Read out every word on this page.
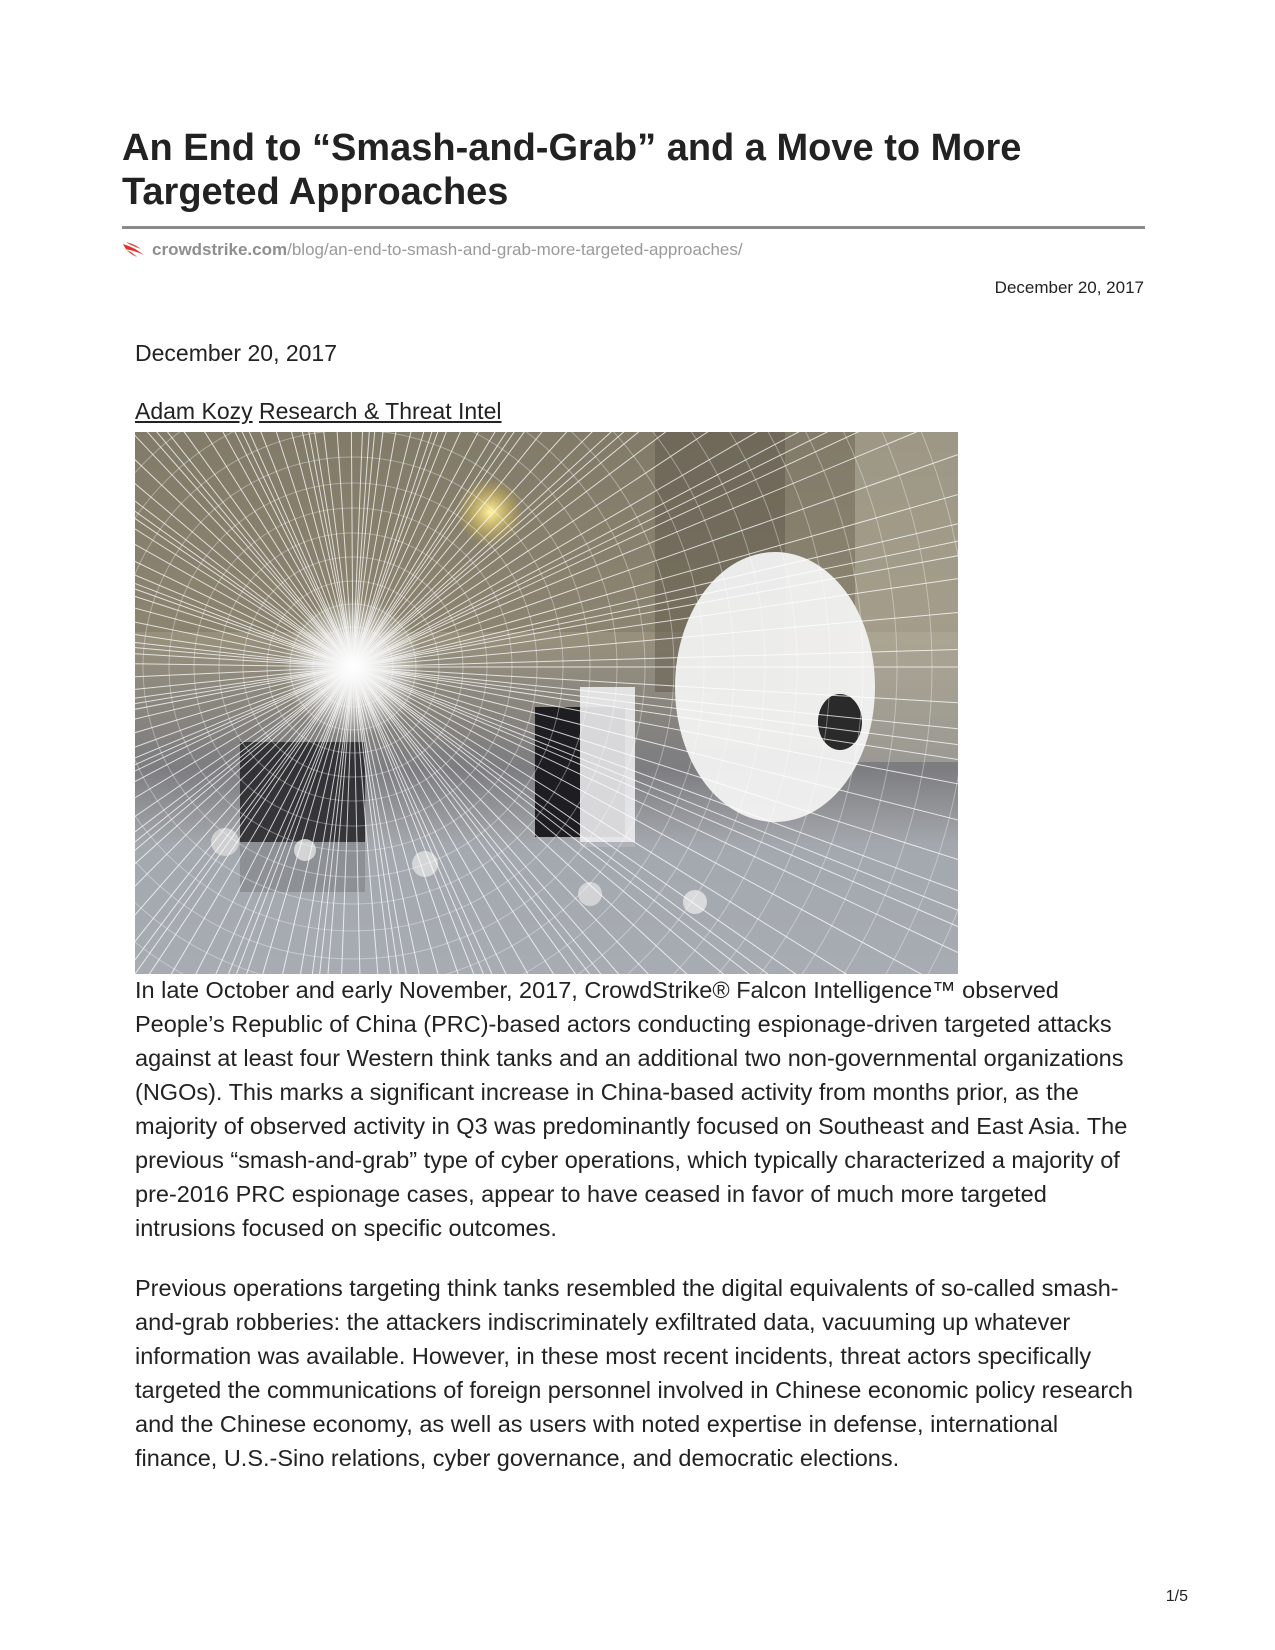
An End to “Smash-and-Grab” and a Move to More Targeted Approaches
crowdstrike.com /blog/an-end-to-smash-and-grab-more-targeted-approaches/
December 20, 2017
December 20, 2017
Adam Kozy Research & Threat Intel

In late October and early November, 2017, CrowdStrike® Falcon Intelligence™ observed People’s Republic of China (PRC)-based actors conducting espionage-driven targeted attacks against at least four Western think tanks and an additional two non-governmental organizations (NGOs). This marks a significant increase in China-based activity from months prior, as the majority of observed activity in Q3 was predominantly focused on Southeast and East Asia. The previous “smash-and-grab” type of cyber operations, which typically characterized a majority of pre-2016 PRC espionage cases, appear to have ceased in favor of much more targeted intrusions focused on specific outcomes.

Previous operations targeting think tanks resembled the digital equivalents of so-called smash-and-grab robberies: the attackers indiscriminately exfiltrated data, vacuuming up whatever information was available. However, in these most recent incidents, threat actors specifically targeted the communications of foreign personnel involved in Chinese economic policy research and the Chinese economy, as well as users with noted expertise in defense, international finance, U.S.-Sino relations, cyber governance, and democratic elections.

1/5
